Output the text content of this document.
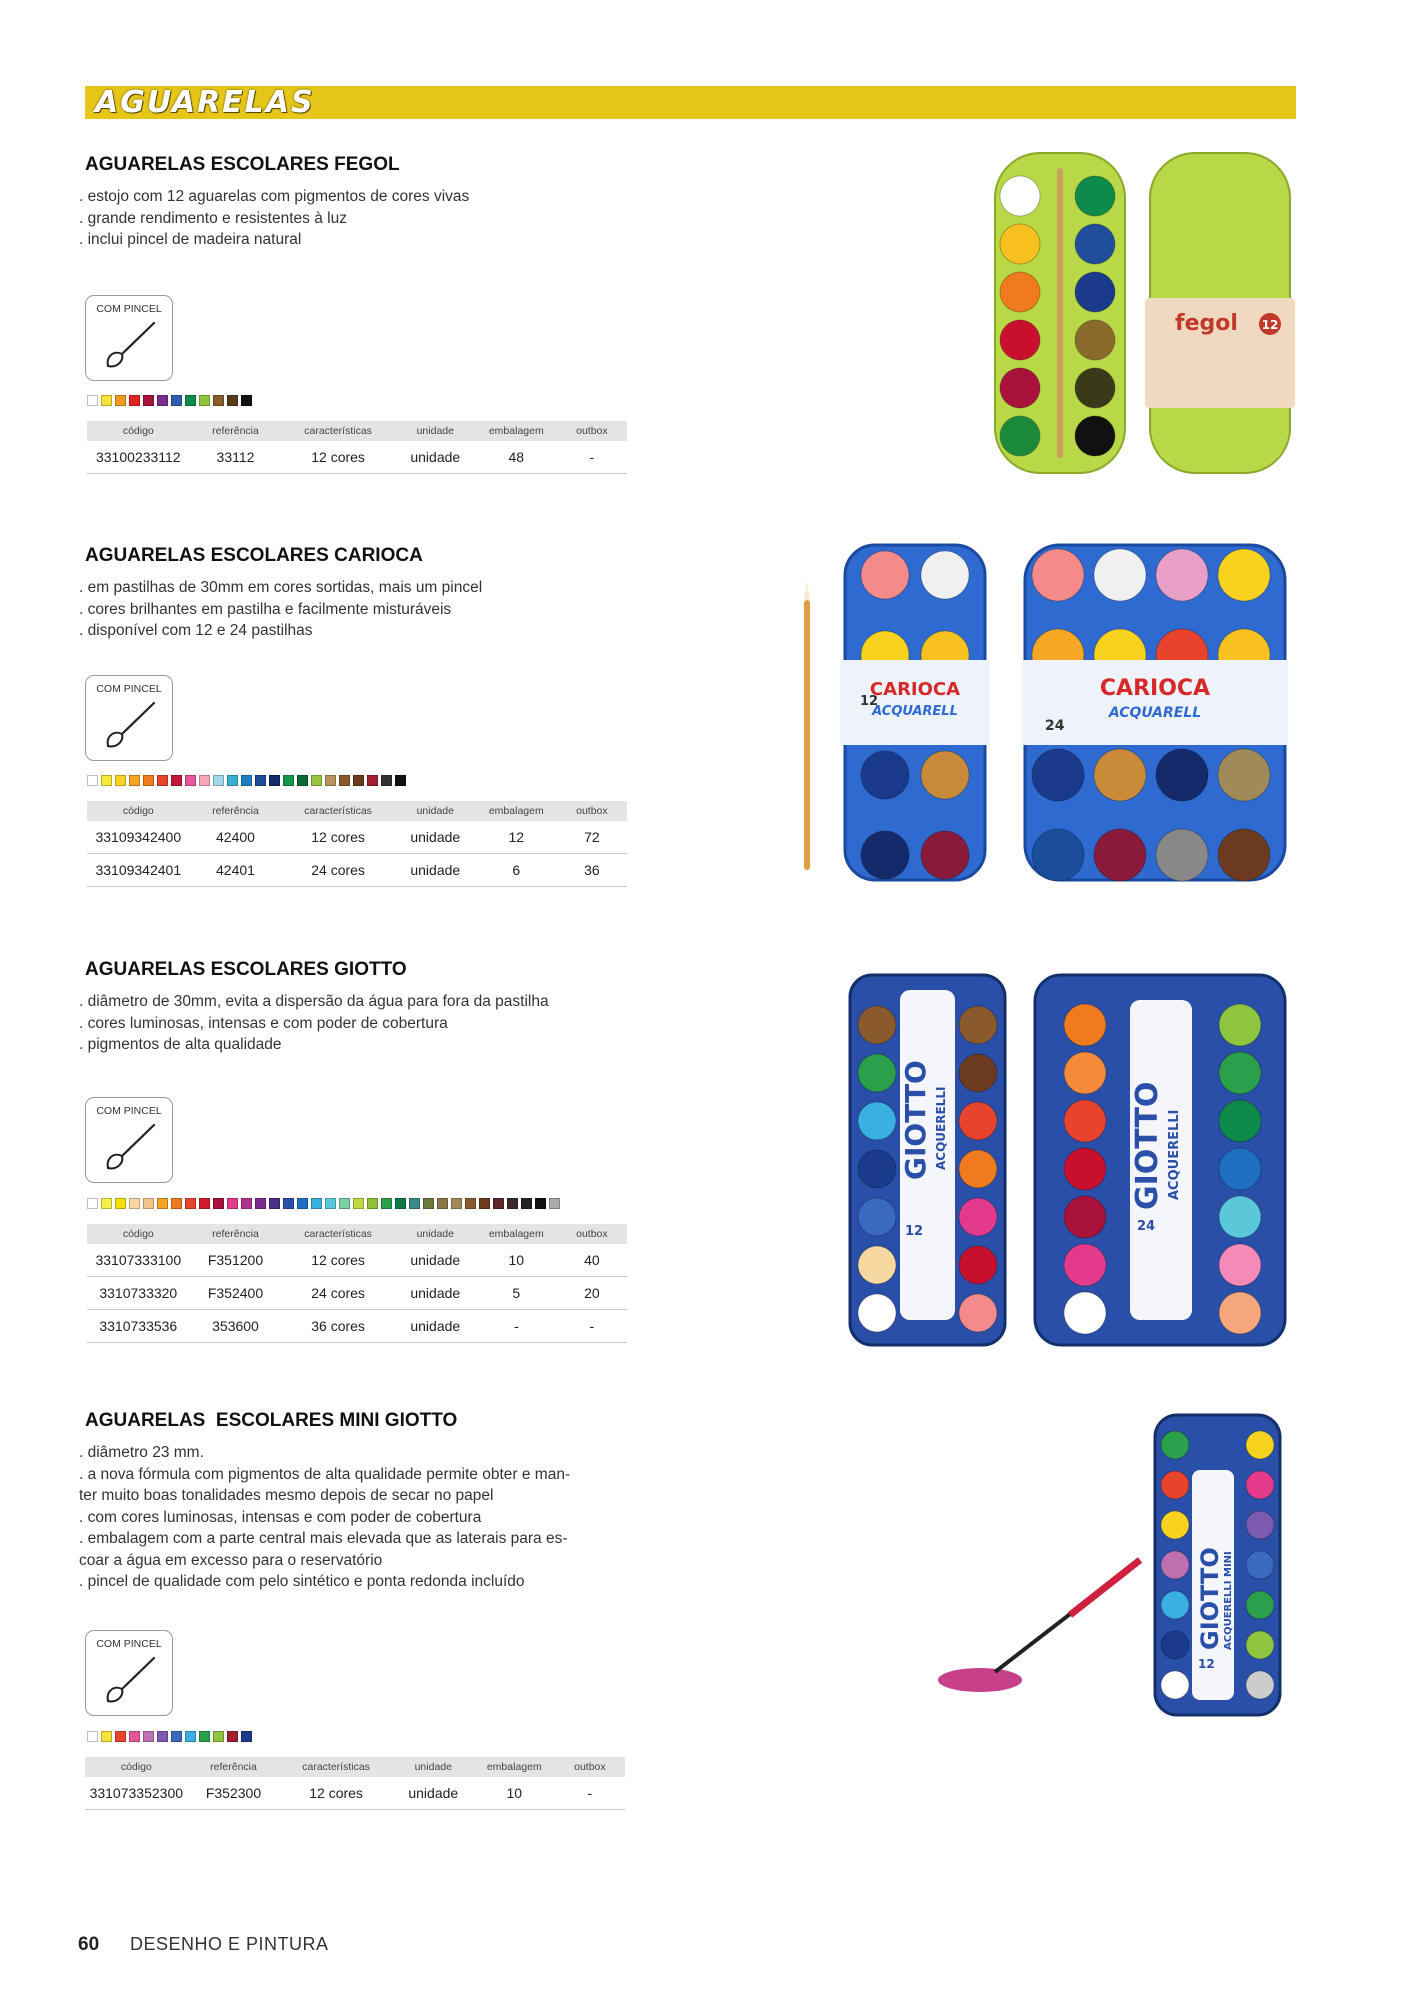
AGUARELAS
AGUARELAS ESCOLARES FEGOL
. estojo com 12 aguarelas com pigmentos de cores vivas
. grande rendimento e resistentes à luz
. inclui pincel de madeira natural
COM PINCEL
código	referência	características	unidade	embalagem	outbox
33100233112	33112	12 cores	unidade	48	-
AGUARELAS ESCOLARES CARIOCA
. em pastilhas de 30mm em cores sortidas, mais um pincel
. cores brilhantes em pastilha e facilmente misturáveis
. disponível com 12 e 24 pastilhas
COM PINCEL
código	referência	características	unidade	embalagem	outbox
33109342400	42400	12 cores	unidade	12	72
33109342401	42401	24 cores	unidade	6	36
AGUARELAS ESCOLARES GIOTTO
. diâmetro de 30mm, evita a dispersão da água para fora da pastilha
. cores luminosas, intensas e com poder de cobertura
. pigmentos de alta qualidade
COM PINCEL
código	referência	características	unidade	embalagem	outbox
33107333100	F351200	12 cores	unidade	10	40
3310733320	F352400	24 cores	unidade	5	20
3310733536	353600	36 cores	unidade	-	-
AGUARELAS  ESCOLARES MINI GIOTTO
. diâmetro 23 mm.
. a nova fórmula com pigmentos de alta qualidade permite obter e man-
ter muito boas tonalidades mesmo depois de secar no papel
. com cores luminosas, intensas e com poder de cobertura
. embalagem com a parte central mais elevada que as laterais para es-
coar a água em excesso para o reservatório
. pincel de qualidade com pelo sintético e ponta redonda incluído
COM PINCEL
código	referência	características	unidade	embalagem	outbox
331073352300	F352300	12 cores	unidade	10	-
fegol 12
CARIOCA
ACQUARELL
12
CARIOCA
ACQUARELL
24
GIOTTO ACQUERELLI
12
GIOTTO ACQUERELLI
24
GIOTTO ACQUERELLI MINI
12
60 DESENHO E PINTURA
